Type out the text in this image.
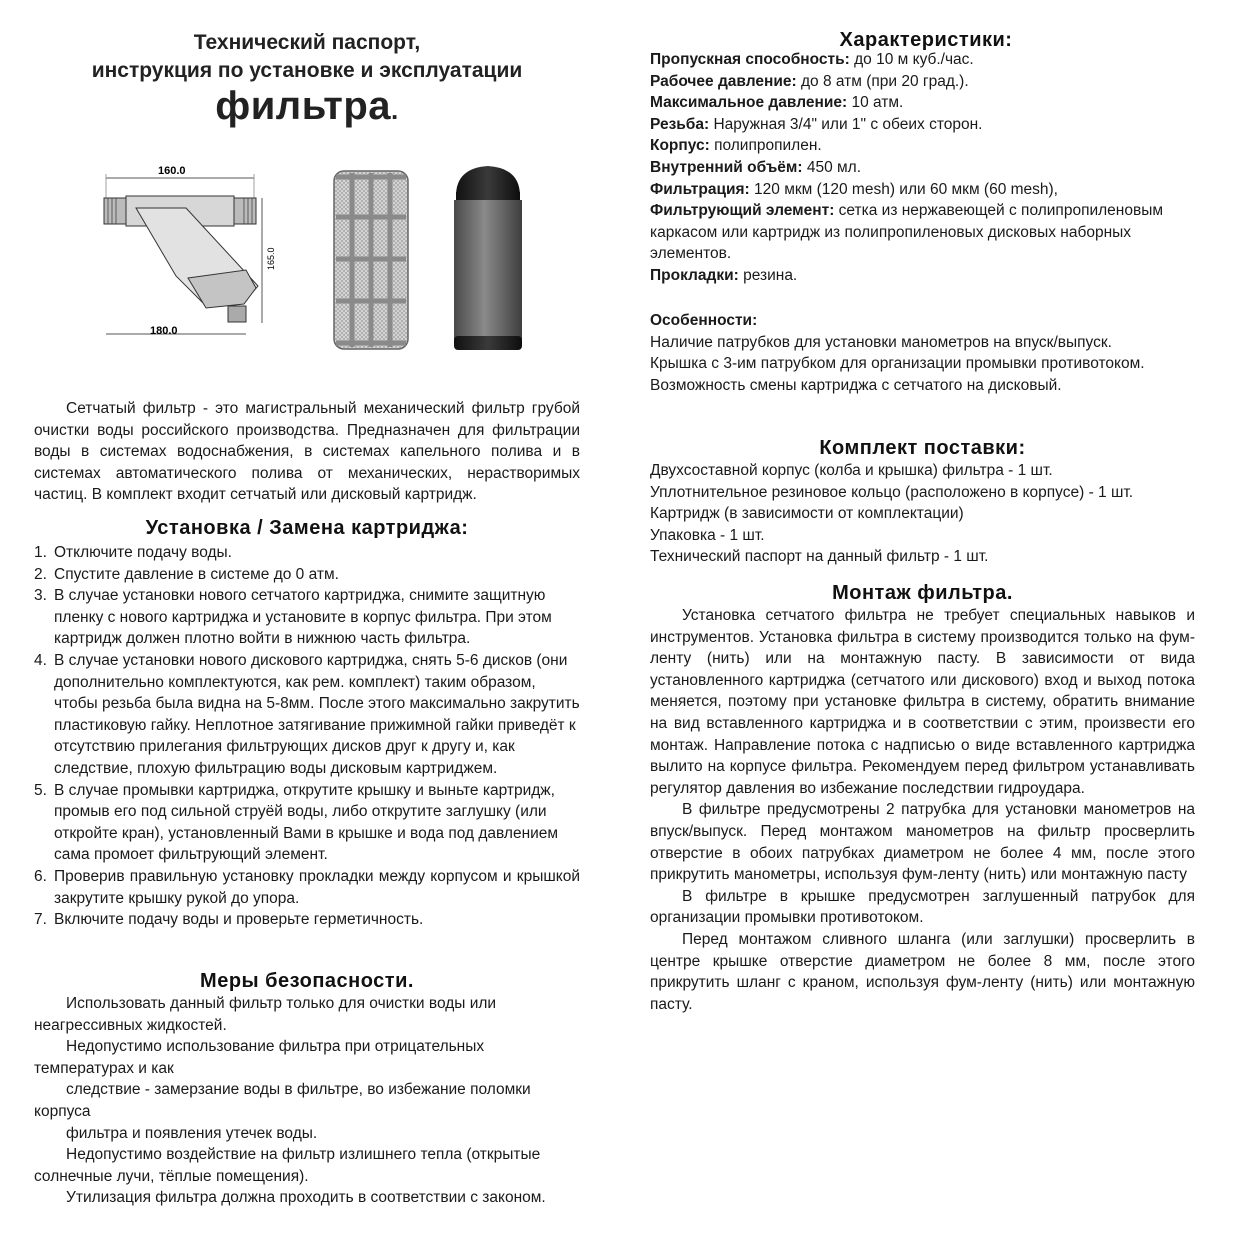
Технический паспорт,
инструкция по установке и эксплуатации
фильтра.
160.0
165.0
180.0

Сетчатый фильтр - это магистральный механический фильтр грубой очистки воды российского производства. Предназначен для фильтрации воды в системах водоснабжения, в системах капельного полива и в системах автоматического полива от механических, нерастворимых частиц. В комплект входит сетчатый или дисковый картридж.

Установка / Замена картриджа:
1. Отключите подачу воды.
2. Спустите давление в системе до 0 атм.
3. В случае установки нового сетчатого картриджа, снимите защитную пленку с нового картриджа и установите в корпус фильтра. При этом картридж должен плотно войти в нижнюю часть фильтра.
4. В случае установки нового дискового картриджа, снять 5-6 дисков (они дополнительно комплектуются, как рем. комплект) таким образом, чтобы резьба была видна на 5-8мм. После этого максимально закрутить пластиковую гайку. Неплотное затягивание прижимной гайки приведёт к отсутствию прилегания фильтрующих дисков друг к другу и, как следствие, плохую фильтрацию воды дисковым картриджем.
5. В случае промывки картриджа, открутите крышку и выньте картридж, промыв его под сильной струёй воды, либо открутите заглушку (или откройте кран), установленный Вами в крышке и вода под давлением сама промоет фильтрующий элемент.
6. Проверив правильную установку прокладки между корпусом и крышкой закрутите крышку рукой до упора.
7. Включите подачу воды и проверьте герметичность.
Меры безопасности.

Использовать данный фильтр только для очистки воды или неагрессивных жидкостей.

Недопустимо использование фильтра при отрицательных температурах и как

следствие - замерзание воды в фильтре, во избежание поломки корпуса

фильтра и появления утечек воды.

Недопустимо воздействие на фильтр излишнего тепла (открытые солнечные лучи, тёплые помещения).

Утилизация фильтра должна проходить в соответствии с законом.

Характеристики:

Пропускная способность: до 10 м куб./час.

Рабочее давление: до 8 атм (при 20 град.).

Максимальное давление: 10 атм.

Резьба: Наружная 3/4" или 1" с обеих сторон.

Корпус: полипропилен.

Внутренний объём: 450 мл.

Фильтрация: 120 мкм (120 mesh) или 60 мкм (60 mesh),

Фильтрующий элемент: сетка из нержавеющей с полипропиленовым каркасом или картридж из полипропиленовых дисковых наборных элементов.

Прокладки: резина.

Особенности:

Наличие патрубков для установки манометров на впуск/выпуск.

Крышка с 3-им патрубком для организации промывки противотоком.

Возможность смены картриджа с сетчатого на дисковый.

Комплект поставки:

Двухсоставной корпус (колба и крышка) фильтра - 1 шт.

Уплотнительное резиновое кольцо (расположено в корпусе) - 1 шт.

Картридж (в зависимости от комплектации)

Упаковка - 1 шт.

Технический паспорт на данный фильтр - 1 шт.

Монтаж фильтра.

Установка сетчатого фильтра не требует специальных навыков и инструментов. Установка фильтра в систему производится только на фум-ленту (нить) или на монтажную пасту. В зависимости от вида установленного картриджа (сетчатого или дискового) вход и выход потока меняется, поэтому при установке фильтра в систему, обратить внимание на вид вставленного картриджа и в соответствии с этим, произвести его монтаж. Направление потока с надписью о виде вставленного картриджа вылито на корпусе фильтра. Рекомендуем перед фильтром устанавливать регулятор давления во избежание последствии гидроудара.

В фильтре предусмотрены 2 патрубка для установки манометров на впуск/выпуск. Перед монтажом манометров на фильтр просверлить отверстие в обоих патрубках диаметром не более 4 мм, после этого прикрутить манометры, используя фум-ленту (нить) или монтажную пасту

В фильтре в крышке предусмотрен заглушенный патрубок для организации промывки противотоком.

Перед монтажом сливного шланга (или заглушки) просверлить в центре крышке отверстие диаметром не более 8 мм, после этого прикрутить шланг с краном, используя фум-ленту (нить) или монтажную пасту.
